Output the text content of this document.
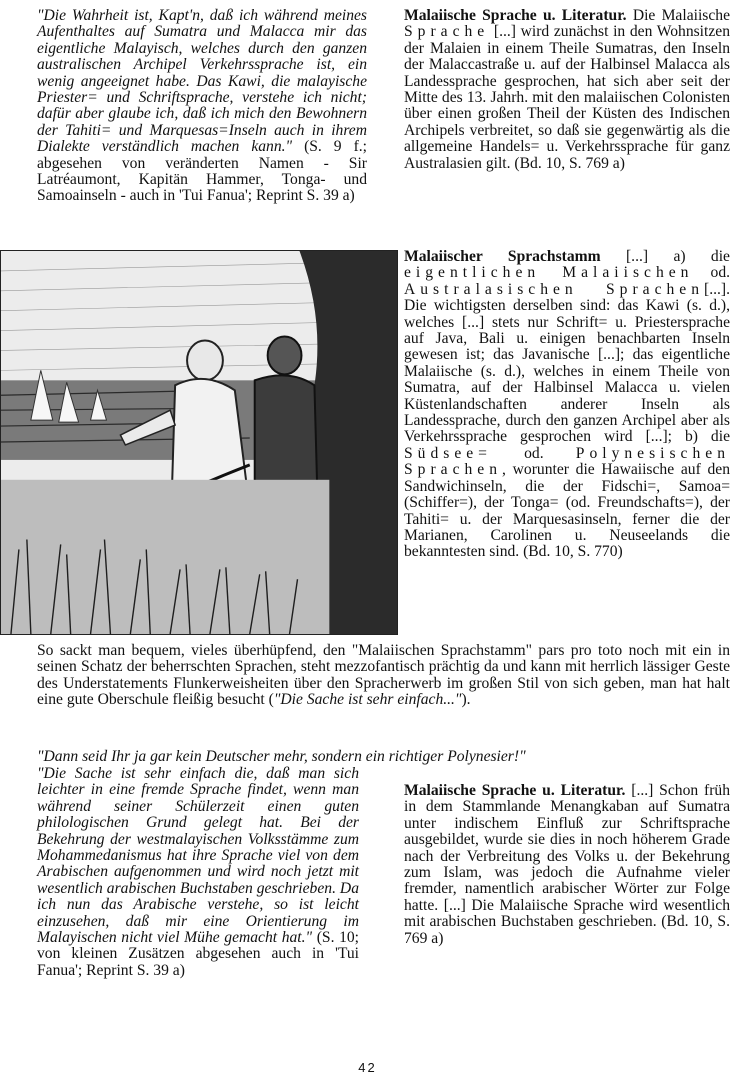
"Die Wahrheit ist, Kapt'n, daß ich während meines Aufenthaltes auf Sumatra und Malacca mir das eigentliche Malayisch, welches durch den ganzen australischen Archipel Verkehrssprache ist, ein wenig angeeignet habe. Das Kawi, die malayische Priester= und Schriftsprache, verstehe ich nicht; dafür aber glaube ich, daß ich mich den Bewohnern der Tahiti= und Marquesas=Inseln auch in ihrem Dialekte verständlich machen kann." (S. 9 f.; abgesehen von veränderten Namen - Sir Latréaumont, Kapitän Hammer, Tonga- und Samoainseln - auch in 'Tui Fanua'; Reprint S. 39 a)

Malaiische Sprache u. Literatur. Die Malaiische Sprache [...] wird zunächst in den Wohnsitzen der Malaien in einem Theile Sumatras, den Inseln der Malaccastraße u. auf der Halbinsel Malacca als Landessprache gesprochen, hat sich aber seit der Mitte des 13. Jahrh. mit den malaiischen Colonisten über einen großen Theil der Küsten des Indischen Archipels verbreitet, so daß sie gegenwärtig als die allgemeine Handels= u. Verkehrssprache für ganz Australasien gilt. (Bd. 10, S. 769 a)

Malaiischer Sprachstamm [...] a) die eigentlichen Malaiischen od. Australasischen Sprachen[...]. Die wichtigsten derselben sind: das Kawi (s. d.), welches [...] stets nur Schrift= u. Priestersprache auf Java, Bali u. einigen benachbarten Inseln gewesen ist; das Javanische [...]; das eigentliche Malaiische (s. d.), welches in einem Theile von Sumatra, auf der Halbinsel Malacca u. vielen Küstenlandschaften anderer Inseln als Landessprache, durch den ganzen Archipel aber als Verkehrssprache gesprochen wird [...]; b) die Südsee= od. Polynesischen Sprachen, worunter die Hawaiische auf den Sandwichinseln, die der Fidschi=, Samoa= (Schiffer=), der Tonga= (od. Freundschafts=), der Tahiti= u. der Marquesasinseln, ferner die der Marianen, Carolinen u. Neuseelands die bekanntesten sind. (Bd. 10, S. 770)

So sackt man bequem, vieles überhüpfend, den "Malaiischen Sprachstamm" pars pro toto noch mit ein in seinen Schatz der beherrschten Sprachen, steht mezzofantisch prächtig da und kann mit herrlich lässiger Geste des Understatements Flunkerweisheiten über den Spracherwerb im großen Stil von sich geben, man hat halt eine gute Oberschule fleißig besucht ("Die Sache ist sehr einfach...").

"Dann seid Ihr ja gar kein Deutscher mehr, sondern ein richtiger Polynesier!"

"Die Sache ist sehr einfach die, daß man sich leichter in eine fremde Sprache findet, wenn man während seiner Schülerzeit einen guten philologischen Grund gelegt hat. Bei der Bekehrung der westmalayischen Volksstämme zum Mohammedanismus hat ihre Sprache viel von dem Arabischen aufgenommen und wird noch jetzt mit wesentlich arabischen Buchstaben geschrieben. Da ich nun das Arabische verstehe, so ist leicht einzusehen, daß mir eine Orientierung im Malayischen nicht viel Mühe gemacht hat." (S. 10; von kleinen Zusätzen abgesehen auch in 'Tui Fanua'; Reprint S. 39 a)

Malaiische Sprache u. Literatur. [...] Schon früh in dem Stammlande Menangkaban auf Sumatra unter indischem Einfluß zur Schriftsprache ausgebildet, wurde sie dies in noch höherem Grade nach der Verbreitung des Volks u. der Bekehrung zum Islam, was jedoch die Aufnahme vieler fremder, namentlich arabischer Wörter zur Folge hatte. [...] Die Malaiische Sprache wird wesentlich mit arabischen Buchstaben geschrieben. (Bd. 10, S. 769 a)

42
